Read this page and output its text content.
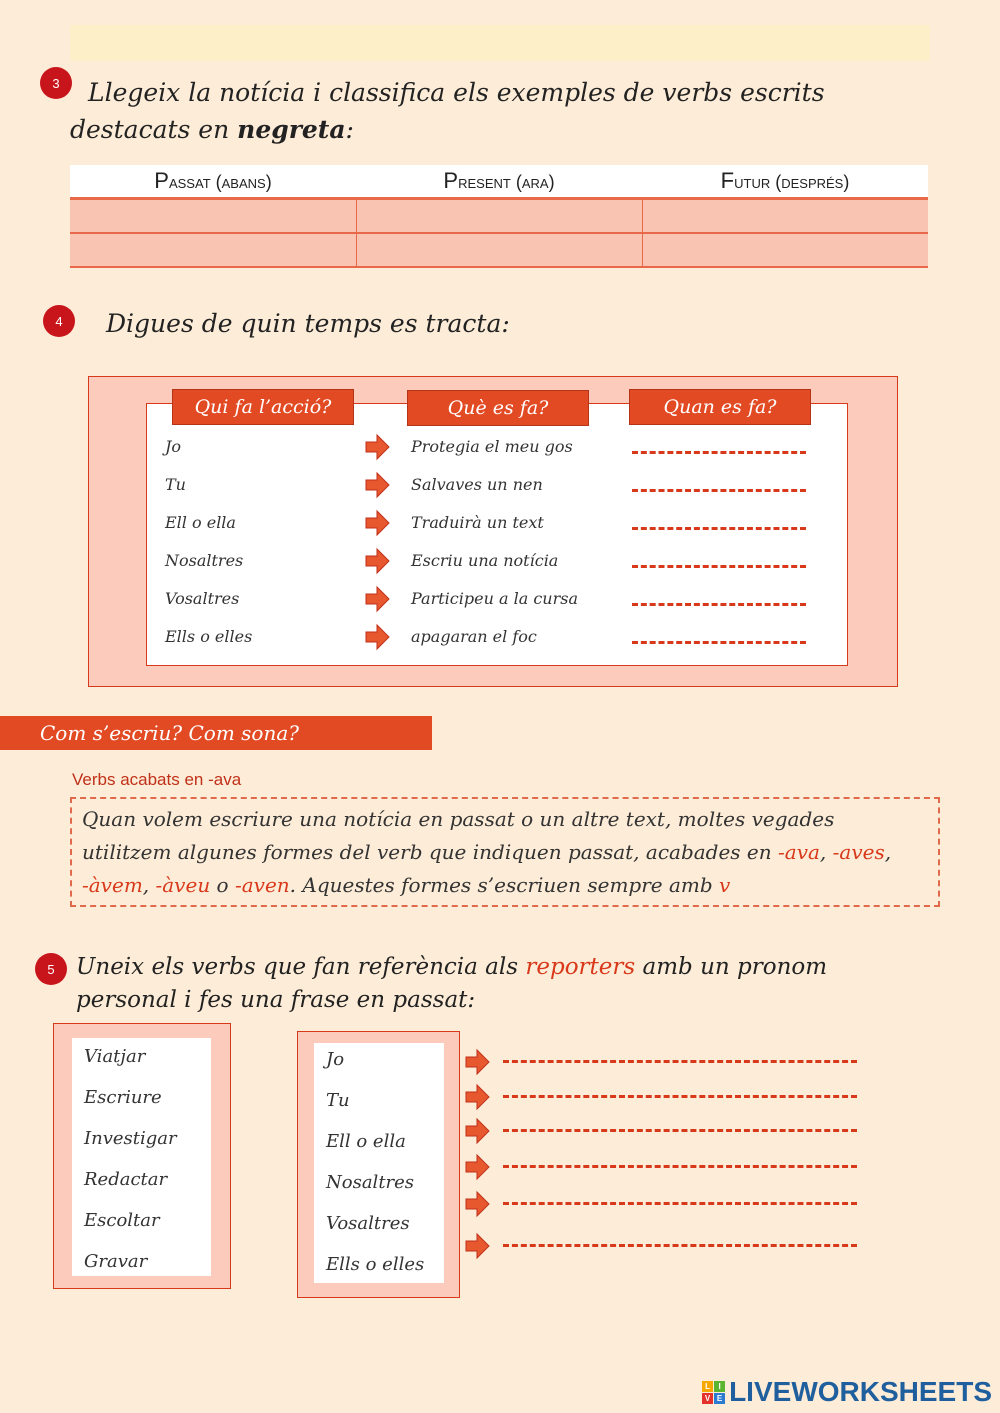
3	Llegeix la notícia i classifica els exemples de verbs escrits
destacats en negreta:
Passat (abans)	Present (ara)	Futur (després)

4	Digues de quin temps es tracta:
Qui fa l’acció?	Què es fa?	Quan es fa?
Jo	Protegia el meu gos
Tu	Salvaves un nen
Ell o ella	Traduirà un text
Nosaltres	Escriu una notícia
Vosaltres	Participeu a la cursa
Ells o elles	apagaran el foc
Com s’escriu? Com sona?
Verbs acabats en -ava
Quan volem escriure una notícia en passat o un altre text, moltes vegades utilitzem algunes formes del verb que indiquen passat, acabades en -ava, -aves, -àvem, -àveu o -aven. Aquestes formes s’escriuen sempre amb v
5 Uneix els verbs que fan referència als reporters amb un pronom
personal i fes una frase en passat:
Viatjar
Escriure
Investigar
Redactar
Escoltar
Gravar
Jo
Tu
Ell o ella
Nosaltres
Vosaltres
Ells o elles
L	I
V E LIVEWORKSHEETS
